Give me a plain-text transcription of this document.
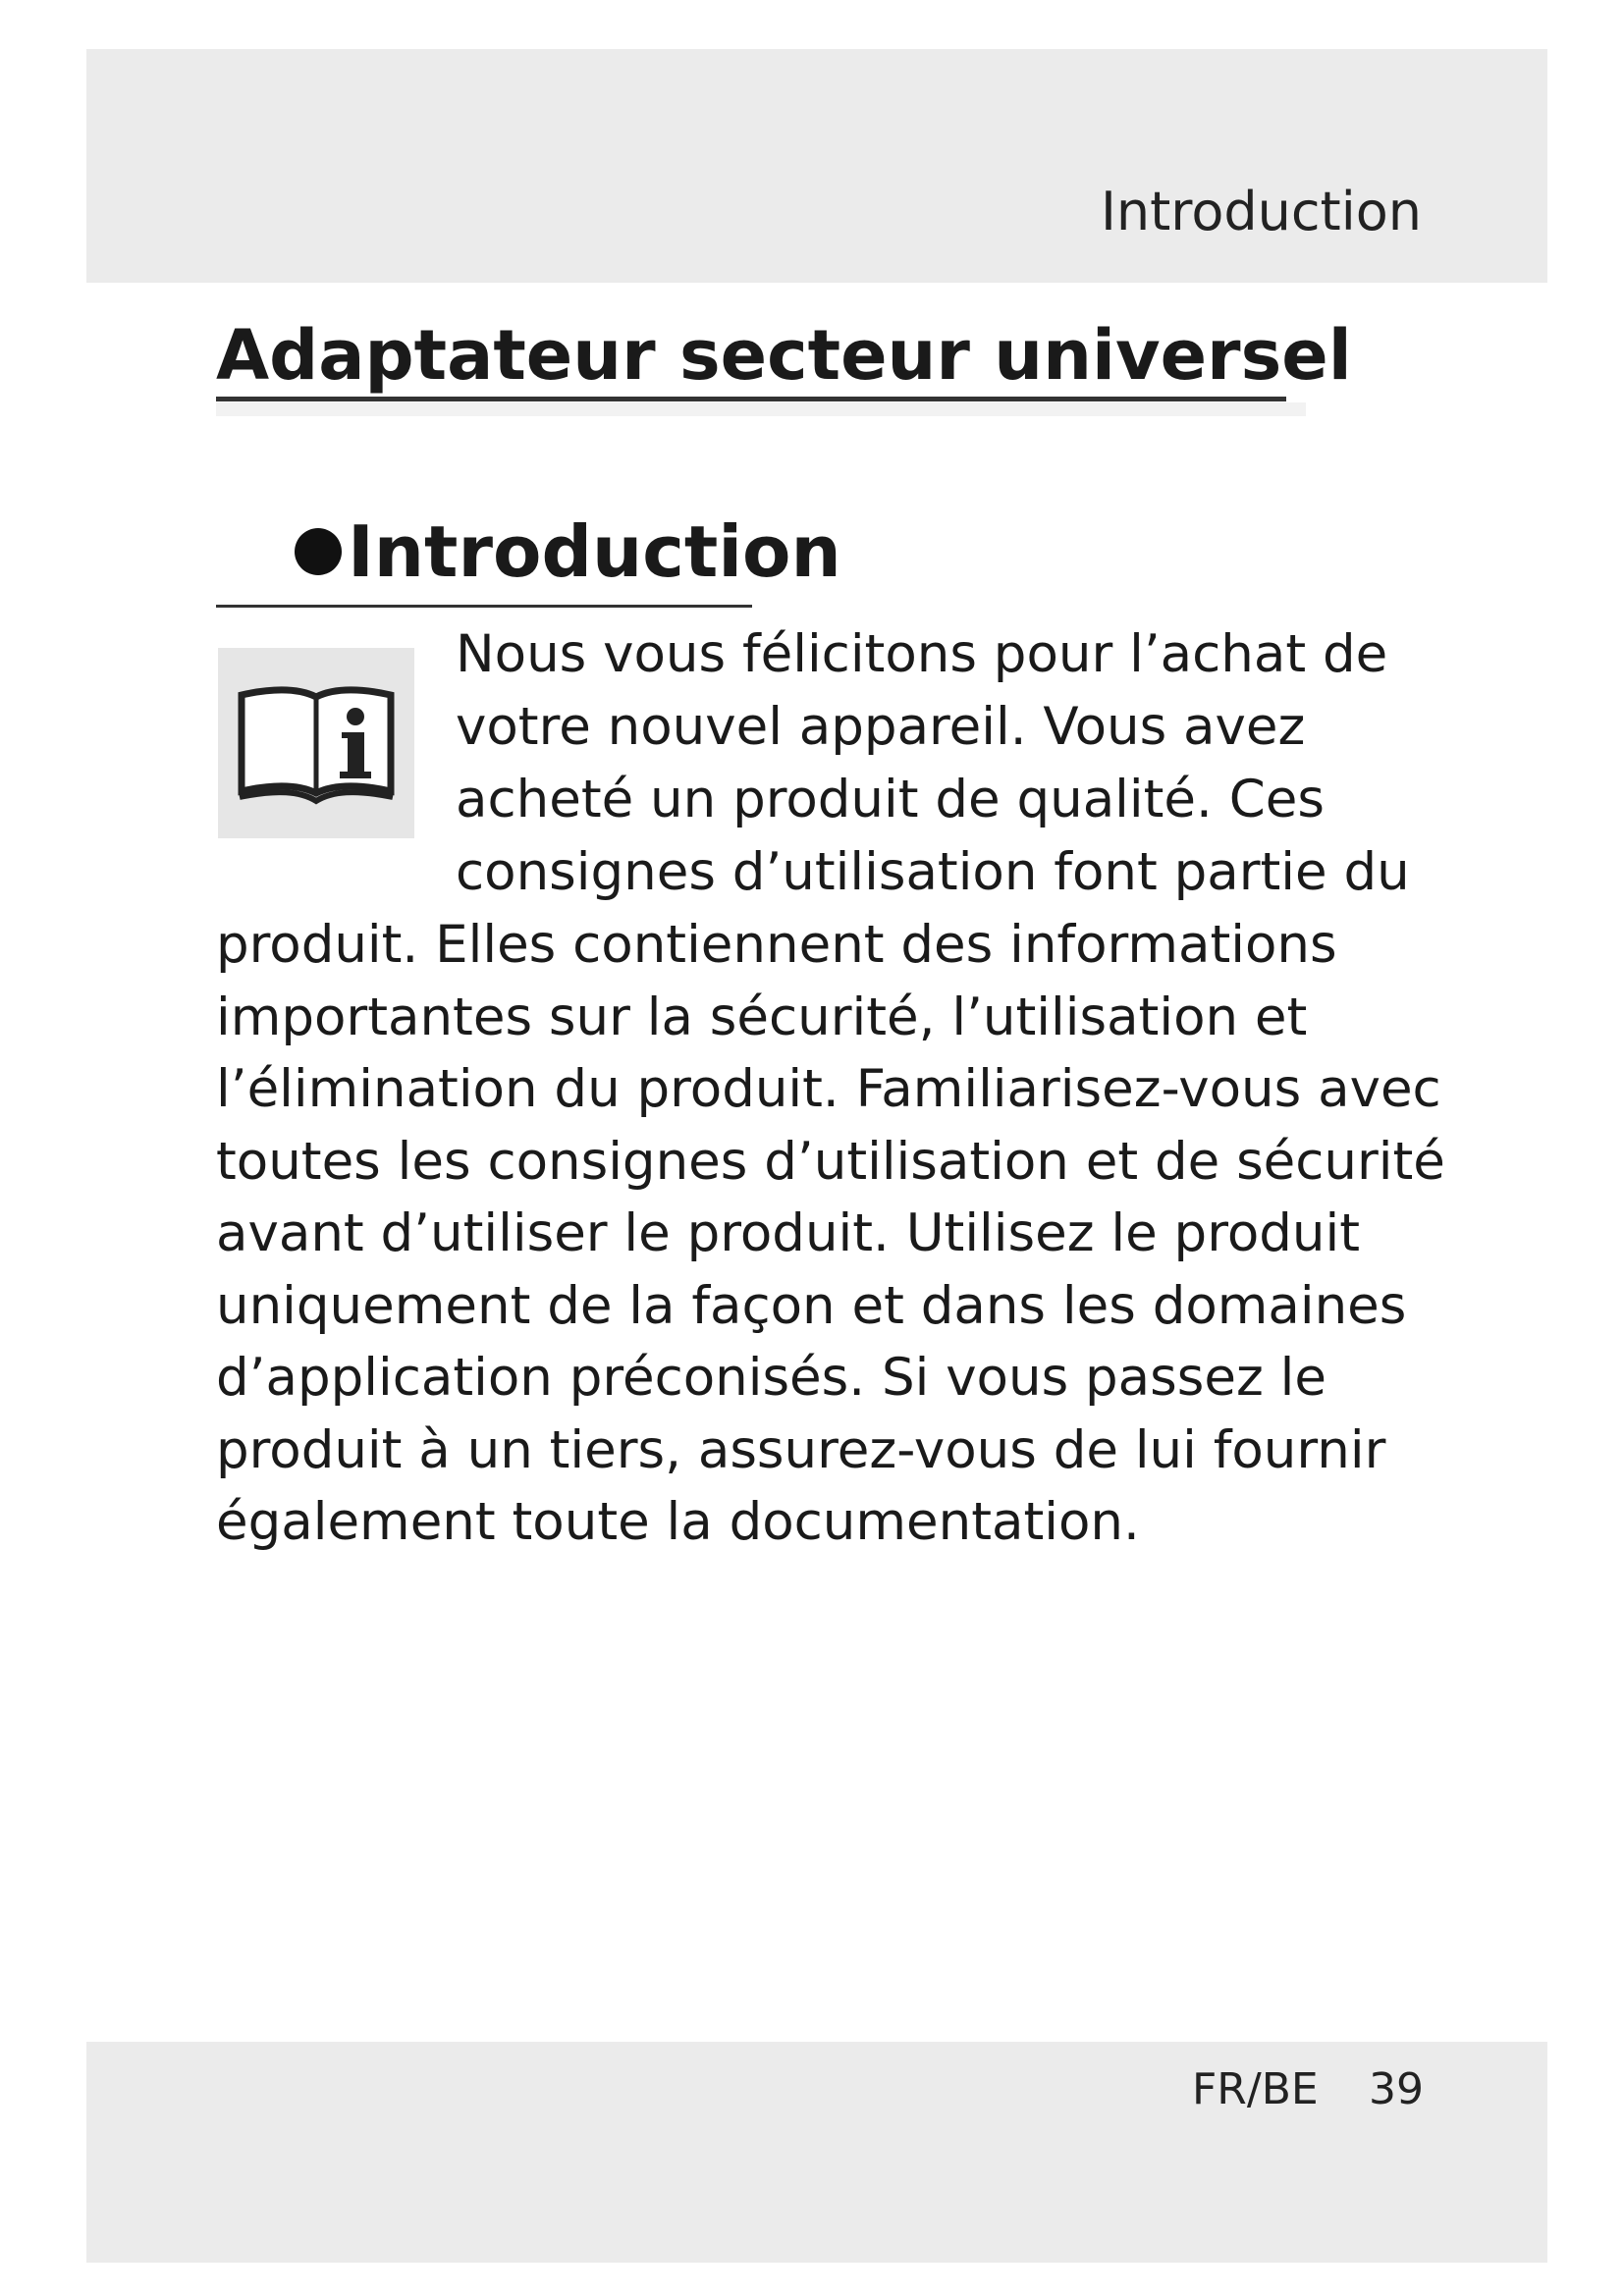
Introduction
Adaptateur secteur universel
Introduction
Nous vous félicitons pour l’achat de
votre nouvel appareil. Vous avez
acheté un produit de qualité. Ces
consignes d’utilisation font partie du
produit. Elles contiennent des informations
importantes sur la sécurité, l’utilisation et
l’élimination du produit. Familiarisez-vous avec
toutes les consignes d’utilisation et de sécurité
avant d’utiliser le produit. Utilisez le produit
uniquement de la façon et dans les domaines
d’application préconisés. Si vous passez le
produit à un tiers, assurez-vous de lui fournir
également toute la documentation.
FR/BE 39
